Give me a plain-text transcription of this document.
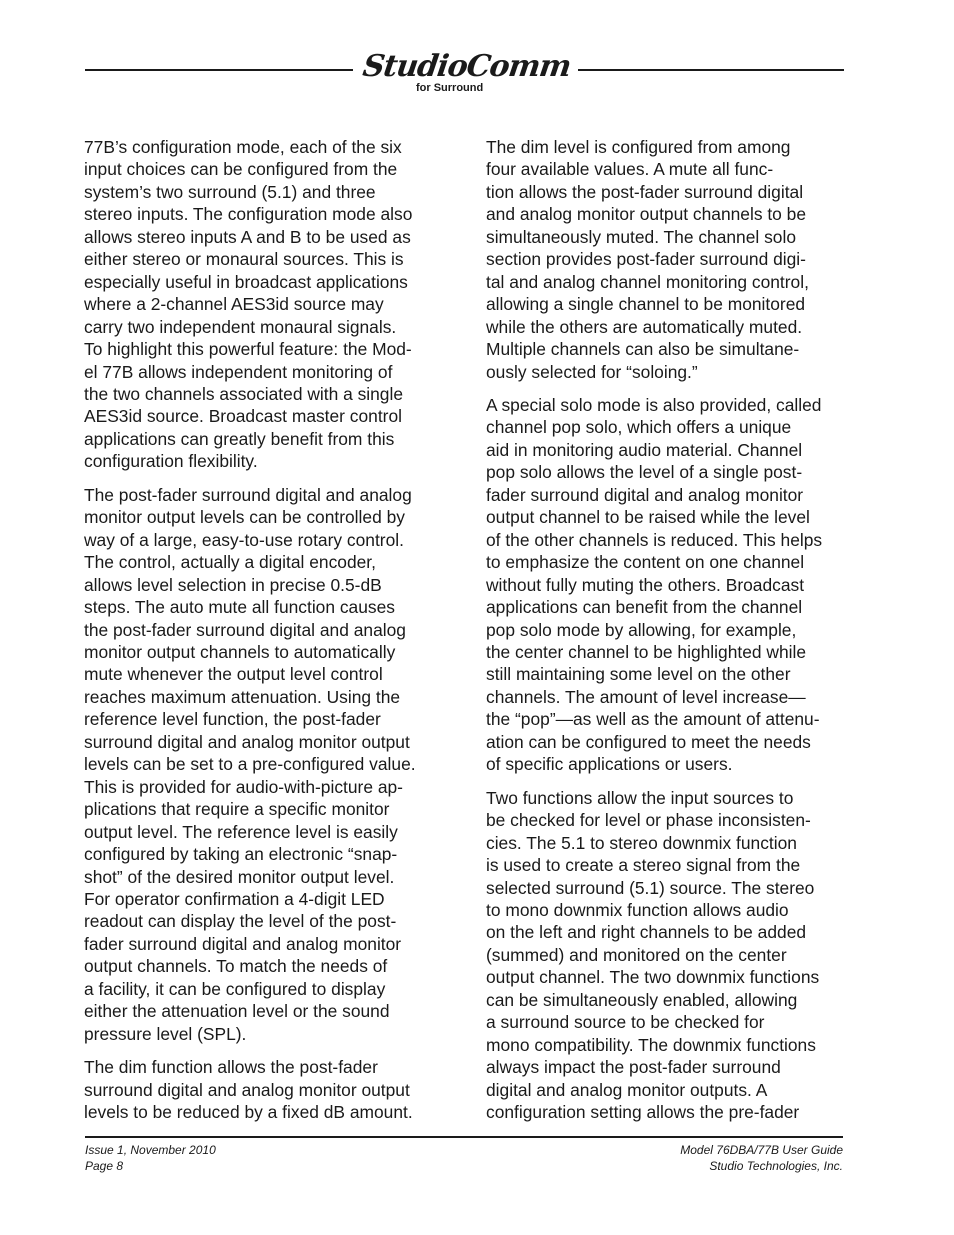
StudioComm
for Surround

77B’s configuration mode, each of the six
input choices can be configured from the
system’s two surround (5.1) and three
stereo inputs. The configuration mode also
allows stereo inputs A and B to be used as
either stereo or monaural sources. This is
especially useful in broadcast applications
where a 2-channel AES3id source may
carry two independent monaural signals.
To highlight this powerful feature: the Mod-
el 77B allows independent monitoring of
the two channels associated with a single
AES3id source. Broadcast master control
applications can greatly benefit from this
configuration flexibility.

The post-fader surround digital and analog
monitor output levels can be controlled by
way of a large, easy-to-use rotary control.
The control, actually a digital encoder,
allows level selection in precise 0.5-dB
steps. The auto mute all function causes
the post-fader surround digital and analog
monitor output channels to automatically
mute whenever the output level control
reaches maximum attenuation. Using the
reference level function, the post-fader
surround digital and analog monitor output
levels can be set to a pre-configured value.
This is provided for audio-with-picture ap-
plications that require a specific monitor
output level. The reference level is easily
configured by taking an electronic “snap-
shot” of the desired monitor output level.
For operator confirmation a 4-digit LED
readout can display the level of the post-
fader surround digital and analog monitor
output channels. To match the needs of
a facility, it can be configured to display
either the attenuation level or the sound
pressure level (SPL).

The dim function allows the post-fader
surround digital and analog monitor output
levels to be reduced by a fixed dB amount.

The dim level is configured from among
four available values. A mute all func-
tion allows the post-fader surround digital
and analog monitor output channels to be
simultaneously muted. The channel solo
section provides post-fader surround digi-
tal and analog channel monitoring control,
allowing a single channel to be monitored
while the others are automatically muted.
Multiple channels can also be simultane-
ously selected for “soloing.”

A special solo mode is also provided, called
channel pop solo, which offers a unique
aid in monitoring audio material. Channel
pop solo allows the level of a single post-
fader surround digital and analog monitor
output channel to be raised while the level
of the other channels is reduced. This helps
to emphasize the content on one channel
without fully muting the others. Broadcast
applications can benefit from the channel
pop solo mode by allowing, for example,
the center channel to be highlighted while
still maintaining some level on the other
channels. The amount of level increase—
the “pop”—as well as the amount of attenu-
ation can be configured to meet the needs
of specific applications or users.

Two functions allow the input sources to
be checked for level or phase inconsisten-
cies. The 5.1 to stereo downmix function
is used to create a stereo signal from the
selected surround (5.1) source. The stereo
to mono downmix function allows audio
on the left and right channels to be added
(summed) and monitored on the center
output channel. The two downmix functions
can be simultaneously enabled, allowing
a surround source to be checked for
mono compatibility. The downmix functions
always impact the post-fader surround
digital and analog monitor outputs. A
configuration setting allows the pre-fader

Issue 1, November 2010
Page 8
Model 76DBA/77B User Guide
Studio Technologies, Inc.
